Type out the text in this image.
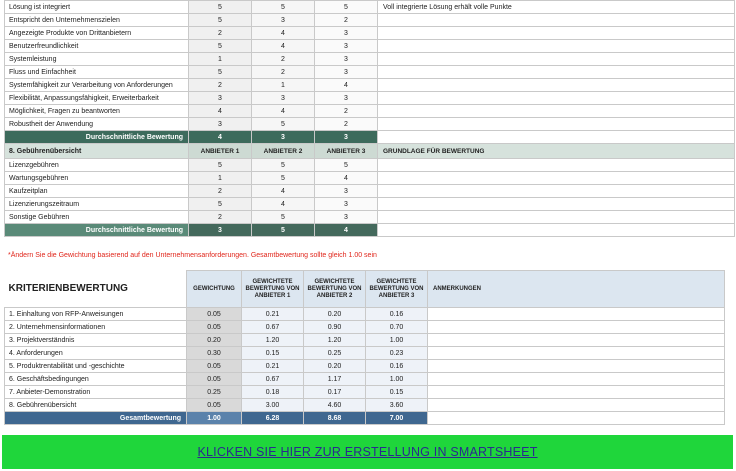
Lösung ist integriert	5	5	5	Voll integrierte Lösung erhält volle Punkte
Entspricht den Unternehmenszielen	5	3	2	
Angezeigte Produkte von Drittanbietern	2	4	3	
Benutzerfreundlichkeit	5	4	3	
Systemleistung	1	2	3	
Fluss und Einfachheit	5	2	3	
Systemfähigkeit zur Verarbeitung von Anforderungen	2	1	4	
Flexibilität, Anpassungsfähigkeit, Erweiterbarkeit	3	3	3	
Möglichkeit, Fragen zu beantworten	4	4	2	
Robustheit der Anwendung	3	5	2	
Durchschnittliche Bewertung	4	3	3	
8. Gebührenübersicht	ANBIETER 1	ANBIETER 2	ANBIETER 3	GRUNDLAGE FÜR BEWERTUNG
Lizenzgebühren	5	5	5	
Wartungsgebühren	1	5	4	
Kaufzeitplan	2	4	3	
Lizenzierungszeitraum	5	4	3	
Sonstige Gebühren	2	5	3	
Durchschnittliche Bewertung	3	5	4	
*Ändern Sie die Gewichtung basierend auf den Unternehmensanforderungen. Gesamtbewertung sollte gleich 1.00 sein
KRITERIENBEWERTUNG	GEWICHTUNG	GEWICHTETE BEWERTUNG VON ANBIETER 1	GEWICHTETE BEWERTUNG VON ANBIETER 2	GEWICHTETE BEWERTUNG VON ANBIETER 3	ANMERKUNGEN
1. Einhaltung von RFP-Anweisungen	0.05	0.21	0.20	0.16	
2. Unternehmensinformationen	0.05	0.67	0.90	0.70	
3. Projektverständnis	0.20	1.20	1.20	1.00	
4. Anforderungen	0.30	0.15	0.25	0.23	
5. Produktrentabilität und -geschichte	0.05	0.21	0.20	0.16	
6. Geschäftsbedingungen	0.05	0.67	1.17	1.00	
7. Anbieter-Demonstration	0.25	0.18	0.17	0.15	
8. Gebührenübersicht	0.05	3.00	4.60	3.60	
Gesamtbewertung	1.00	6.28	8.68	7.00	
KLICKEN SIE HIER ZUR ERSTELLUNG IN SMARTSHEET
